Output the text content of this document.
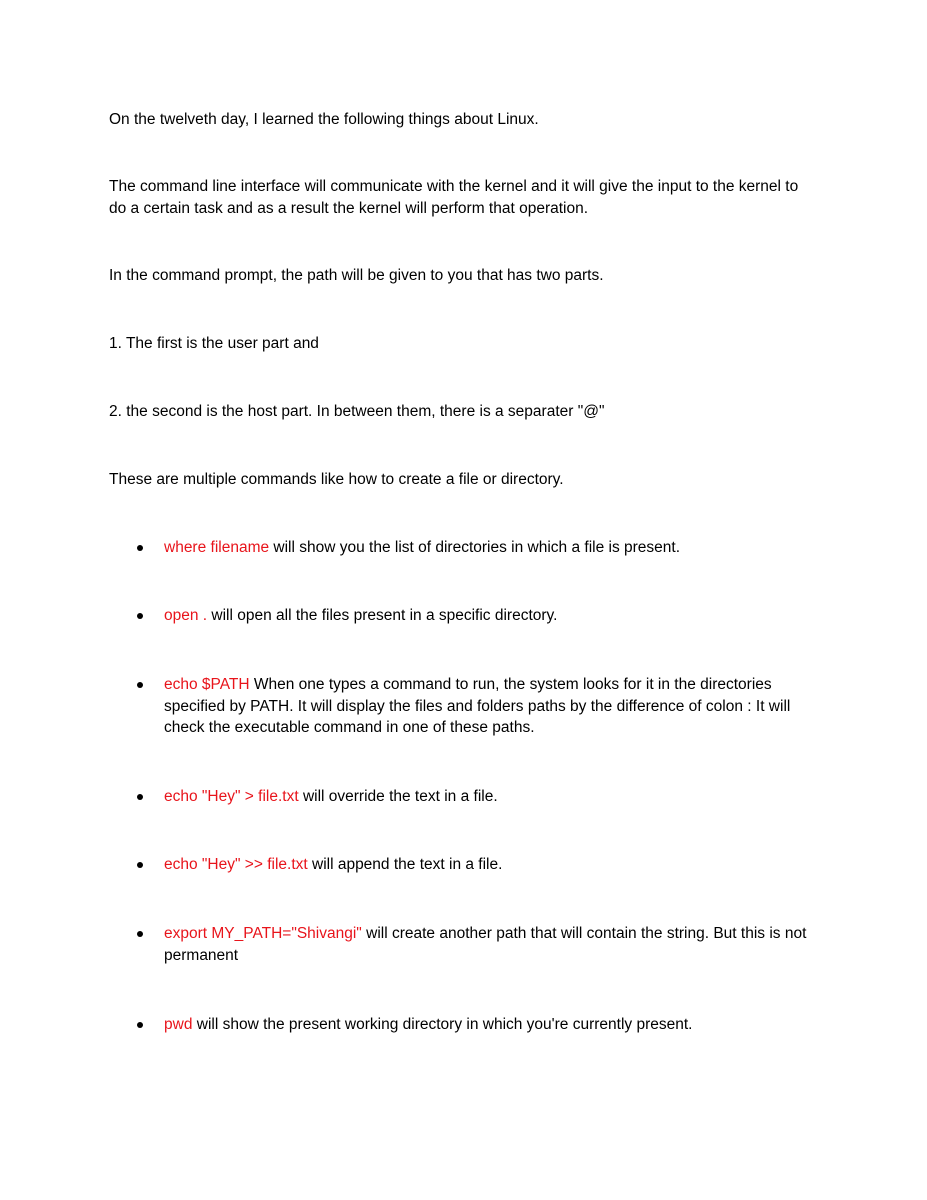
On the twelveth day, I learned the following things about Linux.

The command line interface will communicate with the kernel and it will give the input to the kernel to do a certain task and as a result the kernel will perform that operation.

In the command prompt, the path will be given to you that has two parts.

1. The first is the user part and

2. the second is the host part. In between them, there is a separater "@"

These are multiple commands like how to create a file or directory.

where filename will show you the list of directories in which a file is present.
open . will open all the files present in a specific directory.
echo $PATH When one types a command to run, the system looks for it in the directories specified by PATH. It will display the files and folders paths by the difference of colon : It will check the executable command in one of these paths.
echo "Hey" > file.txt will override the text in a file.
echo "Hey" >> file.txt will append the text in a file.
export MY_PATH="Shivangi" will create another path that will contain the string. But this is not permanent
pwd will show the present working directory in which you're currently present.
